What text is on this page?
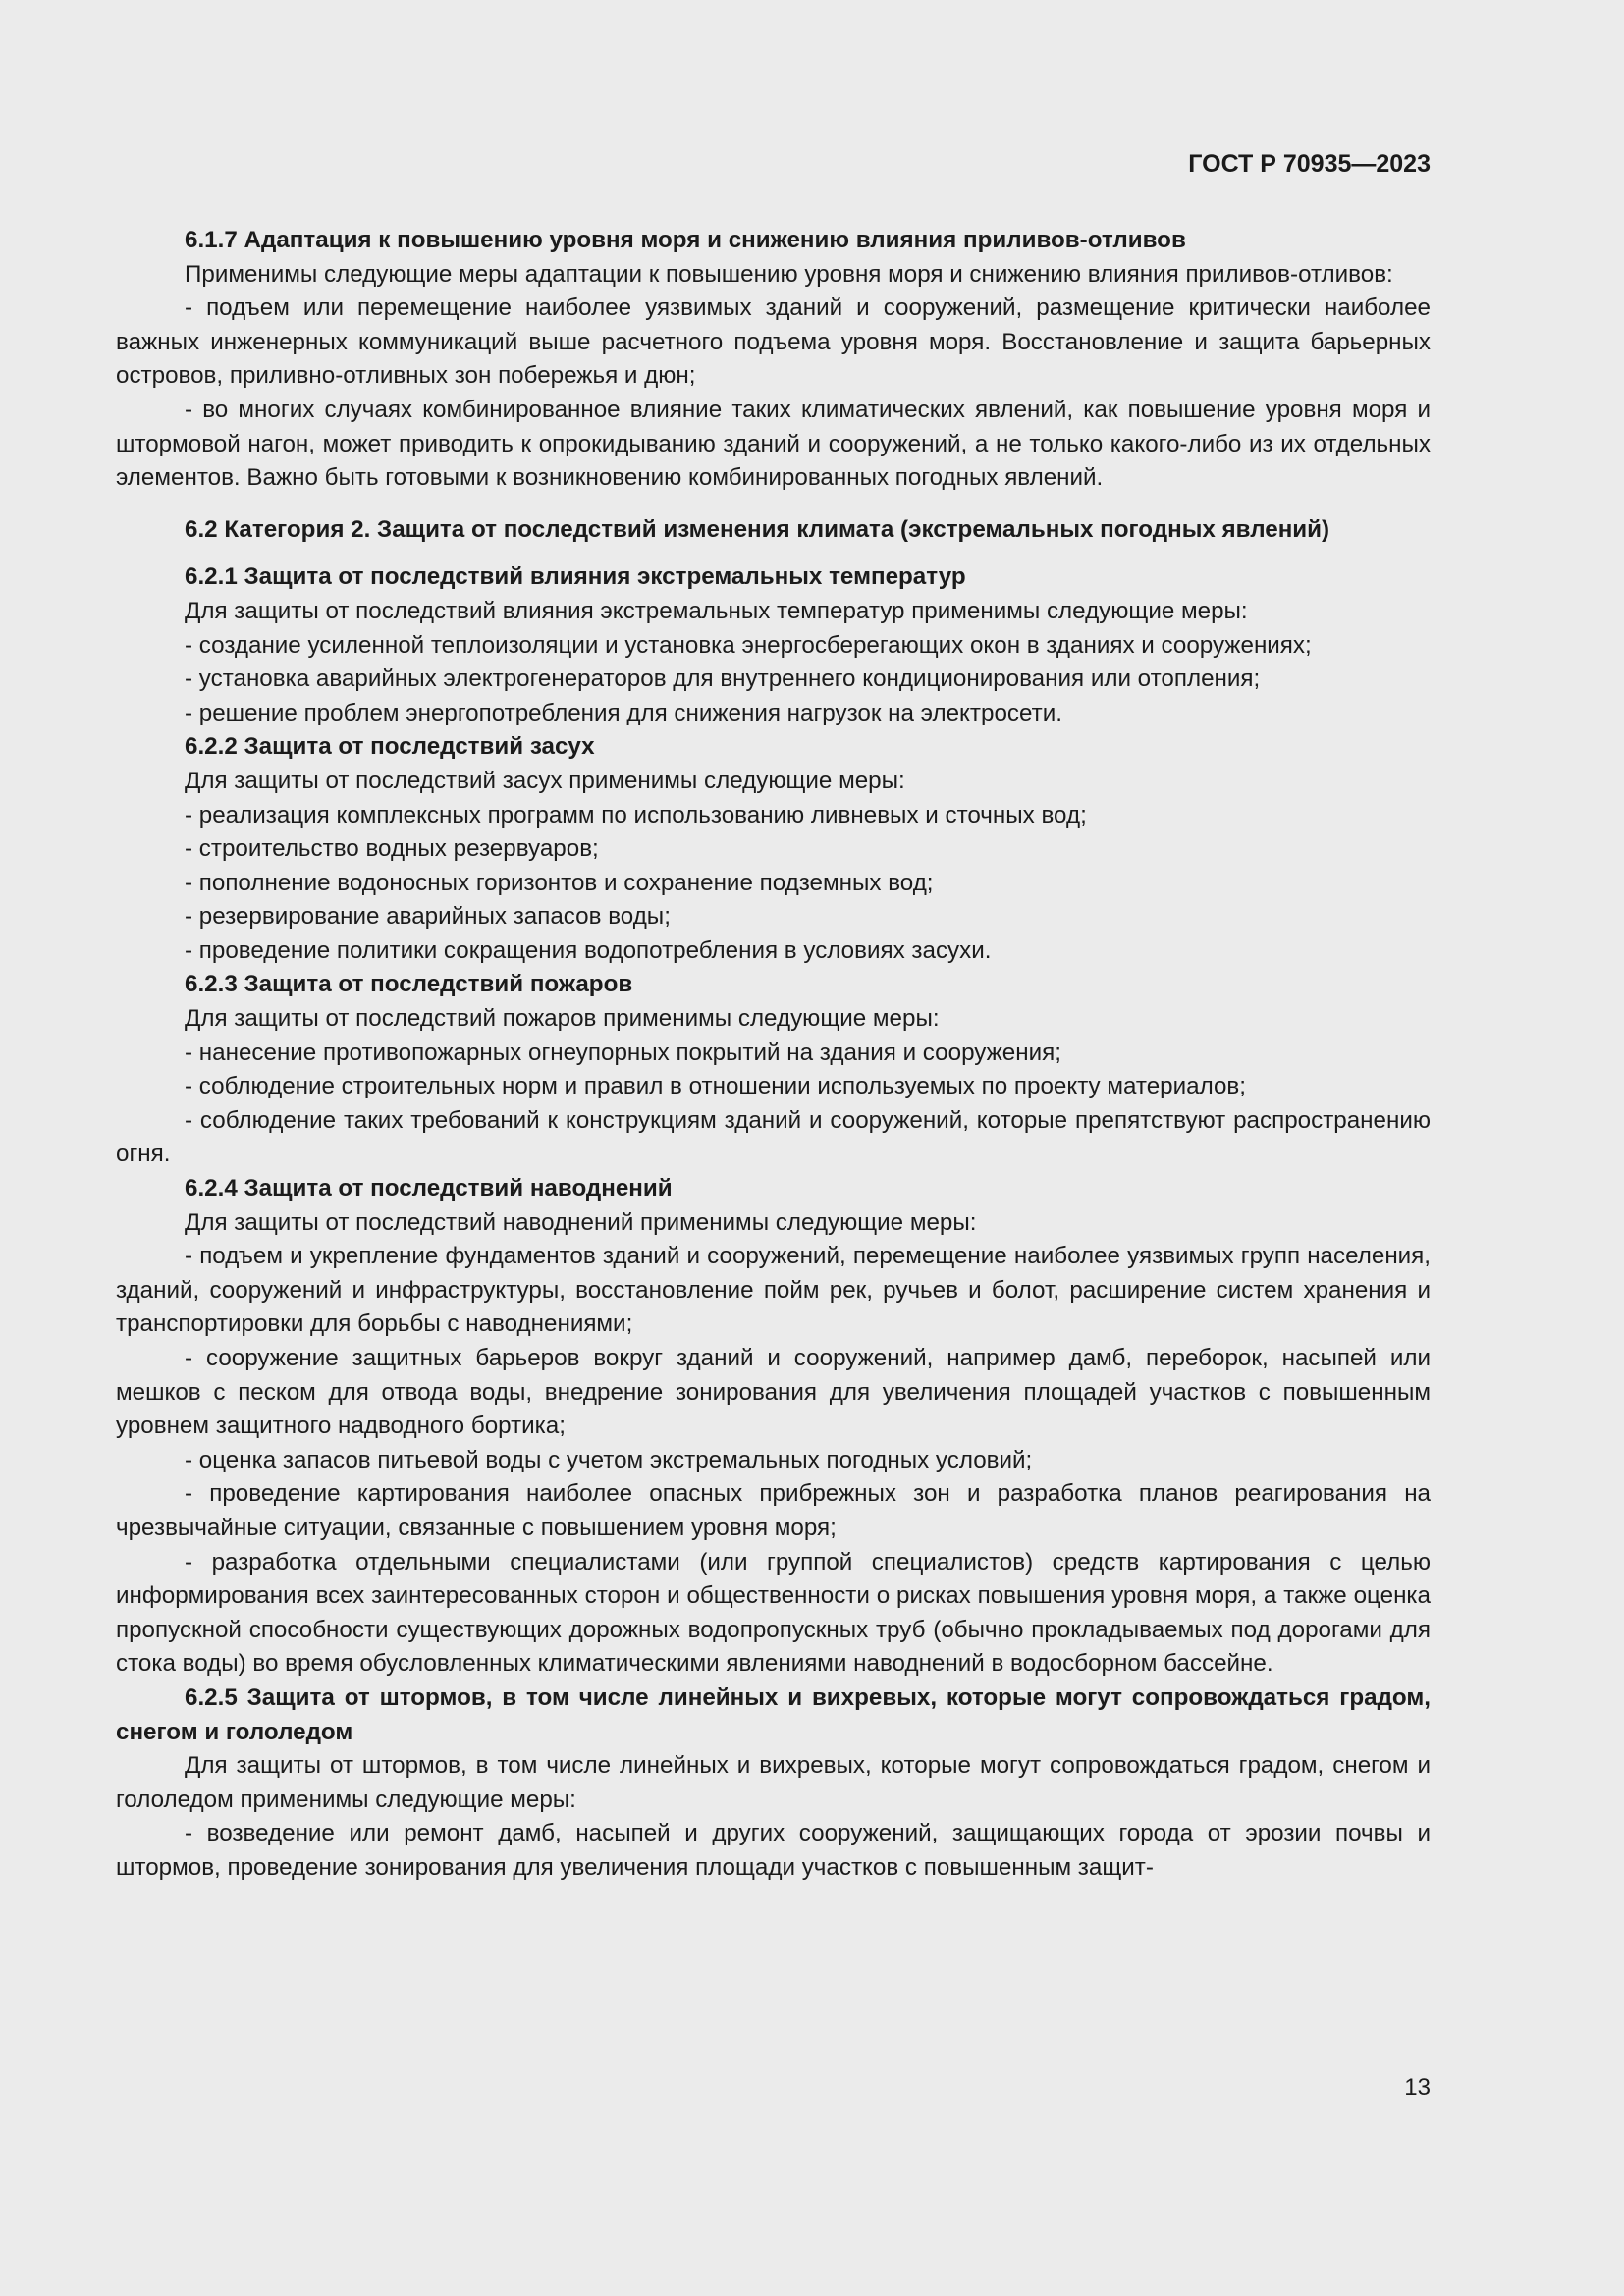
ГОСТ Р 70935—2023

6.1.7 Адаптация к повышению уровня моря и снижению влияния приливов-отливов

Применимы следующие меры адаптации к повышению уровня моря и снижению влияния приливов-отливов:

- подъем или перемещение наиболее уязвимых зданий и сооружений, размещение критически наиболее важных инженерных коммуникаций выше расчетного подъема уровня моря. Восстановление и защита барьерных островов, приливно-отливных зон побережья и дюн;

- во многих случаях комбинированное влияние таких климатических явлений, как повышение уровня моря и штормовой нагон, может приводить к опрокидыванию зданий и сооружений, а не только какого-либо из их отдельных элементов. Важно быть готовыми к возникновению комбинированных погодных явлений.

6.2 Категория 2. Защита от последствий изменения климата (экстремальных погодных явлений)

6.2.1 Защита от последствий влияния экстремальных температур

Для защиты от последствий влияния экстремальных температур применимы следующие меры:

- создание усиленной теплоизоляции и установка энергосберегающих окон в зданиях и сооружениях;

- установка аварийных электрогенераторов для внутреннего кондиционирования или отопления;

- решение проблем энергопотребления для снижения нагрузок на электросети.

6.2.2 Защита от последствий засух

Для защиты от последствий засух применимы следующие меры:

- реализация комплексных программ по использованию ливневых и сточных вод;

- строительство водных резервуаров;

- пополнение водоносных горизонтов и сохранение подземных вод;

- резервирование аварийных запасов воды;

- проведение политики сокращения водопотребления в условиях засухи.

6.2.3 Защита от последствий пожаров

Для защиты от последствий пожаров применимы следующие меры:

- нанесение противопожарных огнеупорных покрытий на здания и сооружения;

- соблюдение строительных норм и правил в отношении используемых по проекту материалов;

- соблюдение таких требований к конструкциям зданий и сооружений, которые препятствуют распространению огня.

6.2.4 Защита от последствий наводнений

Для защиты от последствий наводнений применимы следующие меры:

- подъем и укрепление фундаментов зданий и сооружений, перемещение наиболее уязвимых групп населения, зданий, сооружений и инфраструктуры, восстановление пойм рек, ручьев и болот, расширение систем хранения и транспортировки для борьбы с наводнениями;

- сооружение защитных барьеров вокруг зданий и сооружений, например дамб, переборок, насыпей или мешков с песком для отвода воды, внедрение зонирования для увеличения площадей участков с повышенным уровнем защитного надводного бортика;

- оценка запасов питьевой воды с учетом экстремальных погодных условий;

- проведение картирования наиболее опасных прибрежных зон и разработка планов реагирования на чрезвычайные ситуации, связанные с повышением уровня моря;

- разработка отдельными специалистами (или группой специалистов) средств картирования с целью информирования всех заинтересованных сторон и общественности о рисках повышения уровня моря, а также оценка пропускной способности существующих дорожных водопропускных труб (обычно прокладываемых под дорогами для стока воды) во время обусловленных климатическими явлениями наводнений в водосборном бассейне.

6.2.5 Защита от штормов, в том числе линейных и вихревых, которые могут сопровождаться градом, снегом и гололедом

Для защиты от штормов, в том числе линейных и вихревых, которые могут сопровождаться градом, снегом и гололедом применимы следующие меры:

- возведение или ремонт дамб, насыпей и других сооружений, защищающих города от эрозии почвы и штормов, проведение зонирования для увеличения площади участков с повышенным защит-

13
